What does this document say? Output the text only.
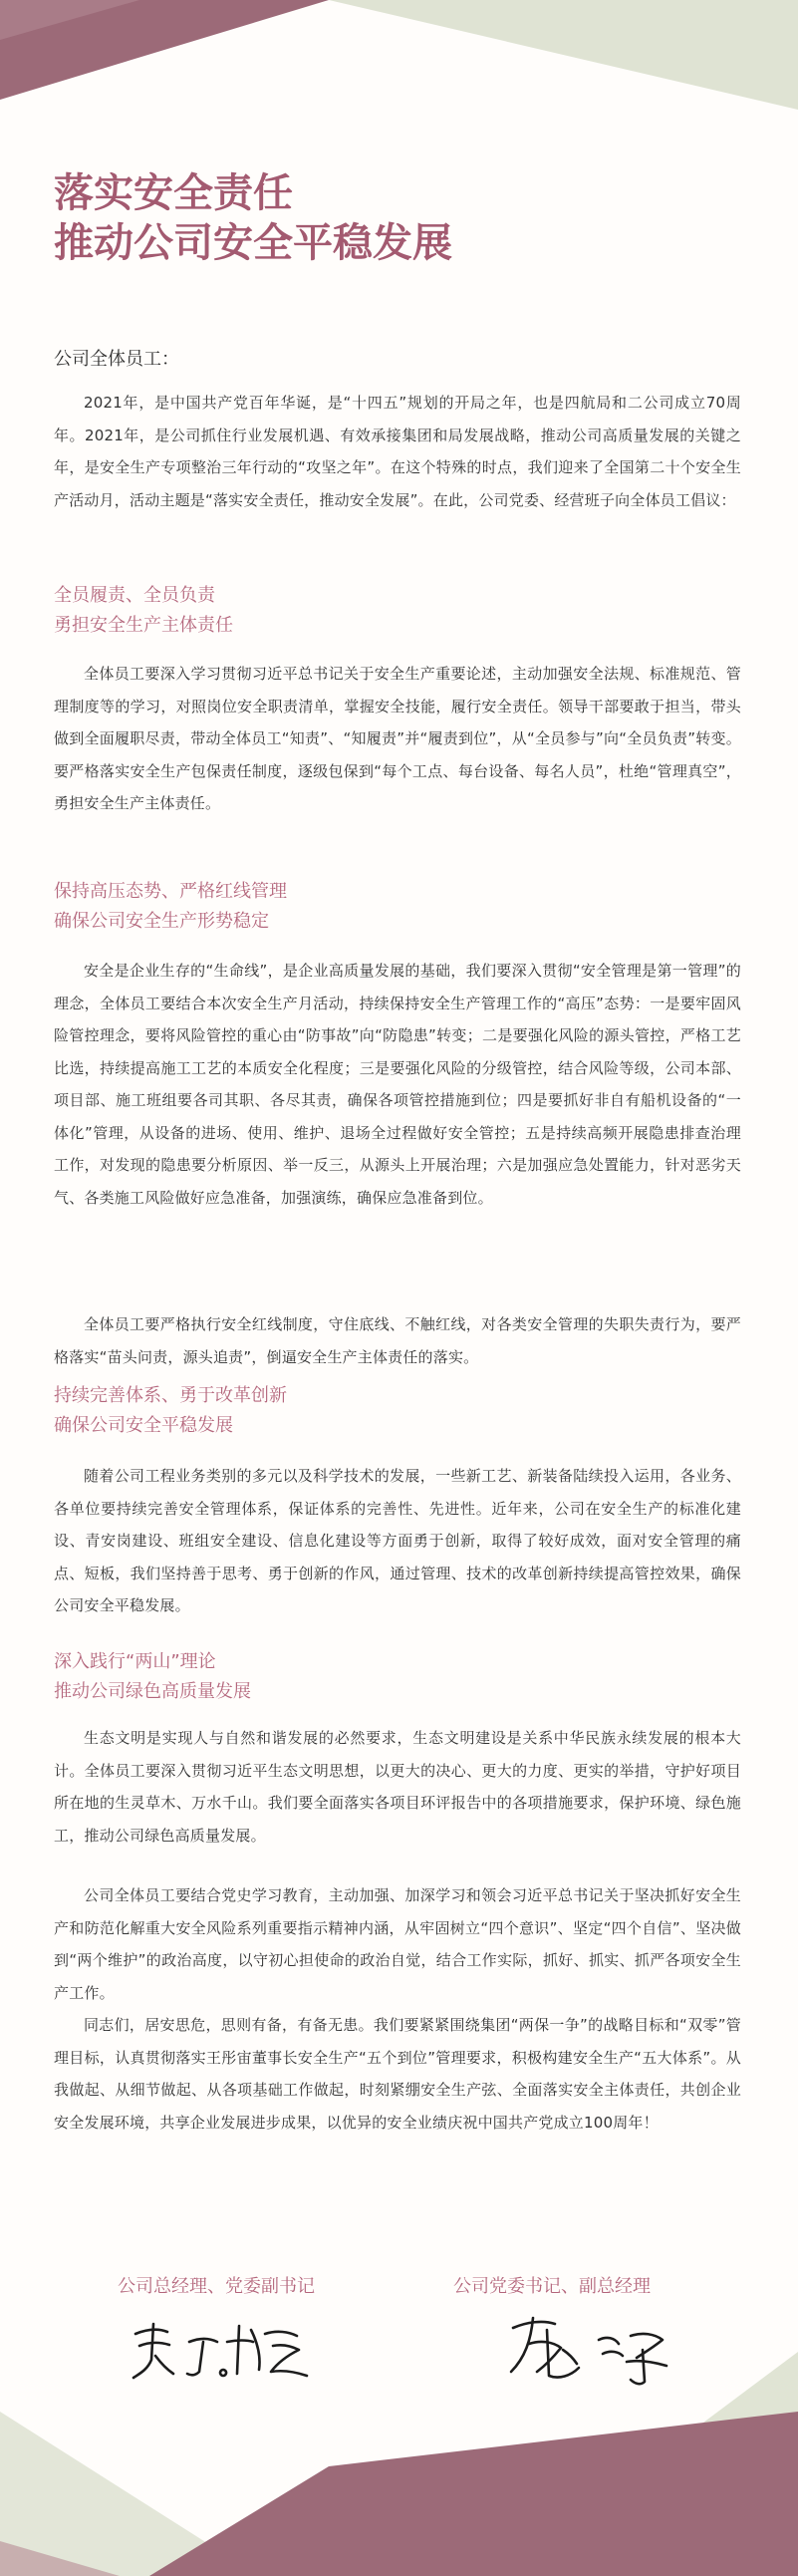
落实安全责任
推动公司安全平稳发展

公司全体员工：

2021年，是中国共产党百年华诞，是“十四五”规划的开局之年，也是四航局和二公司成立70周年。2021年，是公司抓住行业发展机遇、有效承接集团和局发展战略，推动公司高质量发展的关键之年，是安全生产专项整治三年行动的“攻坚之年”。在这个特殊的时点，我们迎来了全国第二十个安全生产活动月，活动主题是“落实安全责任，推动安全发展”。在此，公司党委、经营班子向全体员工倡议：

全员履责、全员负责

勇担安全生产主体责任

全体员工要深入学习贯彻习近平总书记关于安全生产重要论述，主动加强安全法规、标准规范、管理制度等的学习，对照岗位安全职责清单，掌握安全技能，履行安全责任。领导干部要敢于担当，带头做到全面履职尽责，带动全体员工“知责”、“知履责”并“履责到位”，从“全员参与”向“全员负责”转变。要严格落实安全生产包保责任制度，逐级包保到“每个工点、每台设备、每名人员”，杜绝“管理真空”，勇担安全生产主体责任。

保持高压态势、严格红线管理

确保公司安全生产形势稳定

安全是企业生存的“生命线”，是企业高质量发展的基础，我们要深入贯彻“安全管理是第一管理”的理念，全体员工要结合本次安全生产月活动，持续保持安全生产管理工作的“高压”态势：一是要牢固风险管控理念，要将风险管控的重心由“防事故”向“防隐患”转变；二是要强化风险的源头管控，严格工艺比选，持续提高施工工艺的本质安全化程度；三是要强化风险的分级管控，结合风险等级，公司本部、项目部、施工班组要各司其职、各尽其责，确保各项管控措施到位；四是要抓好非自有船机设备的“一体化”管理，从设备的进场、使用、维护、退场全过程做好安全管控；五是持续高频开展隐患排查治理工作，对发现的隐患要分析原因、举一反三，从源头上开展治理；六是加强应急处置能力，针对恶劣天气、各类施工风险做好应急准备，加强演练，确保应急准备到位。

全体员工要严格执行安全红线制度，守住底线、不触红线，对各类安全管理的失职失责行为，要严格落实“苗头问责，源头追责”，倒逼安全生产主体责任的落实。

持续完善体系、勇于改革创新

确保公司安全平稳发展

随着公司工程业务类别的多元以及科学技术的发展，一些新工艺、新装备陆续投入运用，各业务、各单位要持续完善安全管理体系，保证体系的完善性、先进性。近年来，公司在安全生产的标准化建设、青安岗建设、班组安全建设、信息化建设等方面勇于创新，取得了较好成效，面对安全管理的痛点、短板，我们坚持善于思考、勇于创新的作风，通过管理、技术的改革创新持续提高管控效果，确保公司安全平稳发展。

深入践行“两山”理论

推动公司绿色高质量发展

生态文明是实现人与自然和谐发展的必然要求，生态文明建设是关系中华民族永续发展的根本大计。全体员工要深入贯彻习近平生态文明思想，以更大的决心、更大的力度、更实的举措，守护好项目所在地的生灵草木、万水千山。我们要全面落实各项目环评报告中的各项措施要求，保护环境、绿色施工，推动公司绿色高质量发展。

公司全体员工要结合党史学习教育，主动加强、加深学习和领会习近平总书记关于坚决抓好安全生产和防范化解重大安全风险系列重要指示精神内涵，从牢固树立“四个意识”、坚定“四个自信”、坚决做到“两个维护”的政治高度，以守初心担使命的政治自觉，结合工作实际，抓好、抓实、抓严各项安全生产工作。

同志们，居安思危，思则有备，有备无患。我们要紧紧围绕集团“两保一争”的战略目标和“双零”管理目标，认真贯彻落实王彤宙董事长安全生产“五个到位”管理要求，积极构建安全生产“五大体系”。从我做起、从细节做起、从各项基础工作做起，时刻紧绷安全生产弦、全面落实安全主体责任，共创企业安全发展环境，共享企业发展进步成果，以优异的安全业绩庆祝中国共产党成立100周年！

公司总经理、党委副书记	公司党委书记、副总经理
